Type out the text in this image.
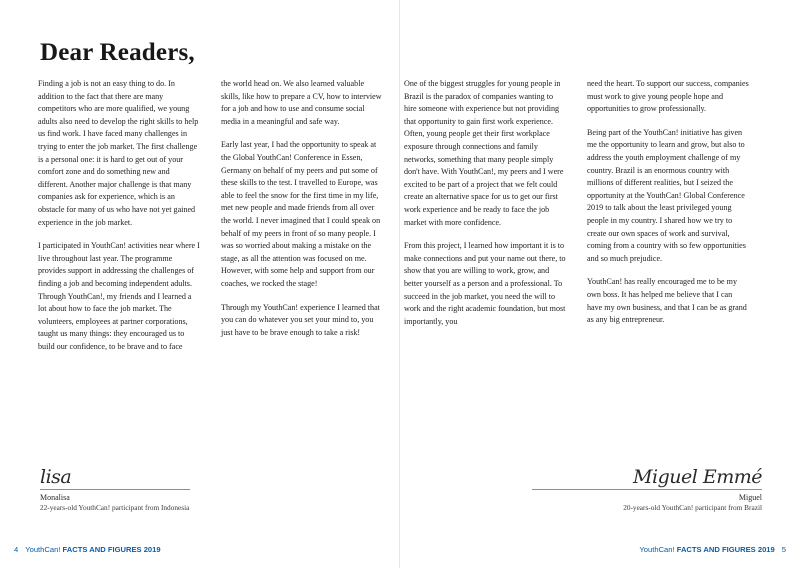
Dear Readers,

Finding a job is not an easy thing to do. In addition to the fact that there are many competitors who are more qualified, we young adults also need to develop the right skills to help us find work. I have faced many challenges in trying to enter the job market. The first challenge is a personal one: it is hard to get out of your comfort zone and do something new and different. Another major challenge is that many companies ask for experience, which is an obstacle for many of us who have not yet gained experience in the job market.

I participated in YouthCan! activities near where I live throughout last year. The programme provides support in addressing the challenges of finding a job and becoming independent adults. Through YouthCan!, my friends and I learned a lot about how to face the job market. The volunteers, employees at partner corporations, taught us many things: they encouraged us to build our confidence, to be brave and to face

the world head on. We also learned valuable skills, like how to prepare a CV, how to interview for a job and how to use and consume social media in a meaningful and safe way.

Early last year, I had the opportunity to speak at the Global YouthCan! Conference in Essen, Germany on behalf of my peers and put some of these skills to the test. I travelled to Europe, was able to feel the snow for the first time in my life, met new people and made friends from all over the world. I never imagined that I could speak on behalf of my peers in front of so many people. I was so worried about making a mistake on the stage, as all the attention was focused on me. However, with some help and support from our coaches, we rocked the stage!

Through my YouthCan! experience I learned that you can do whatever you set your mind to, you just have to be brave enough to take a risk!

One of the biggest struggles for young people in Brazil is the paradox of companies wanting to hire someone with experience but not providing that opportunity to gain first work experience. Often, young people get their first workplace exposure through connections and family networks, something that many people simply don't have. With YouthCan!, my peers and I were excited to be part of a project that we felt could create an alternative space for us to get our first work experience and be ready to face the job market with more confidence.

From this project, I learned how important it is to make connections and put your name out there, to show that you are willing to work, grow, and better yourself as a person and a professional. To succeed in the job market, you need the will to work and the right academic foundation, but most importantly, you

need the heart. To support our success, companies must work to give young people hope and opportunities to grow professionally.

Being part of the YouthCan! initiative has given me the opportunity to learn and grow, but also to address the youth employment challenge of my country. Brazil is an enormous country with millions of different realities, but I seized the opportunity at the YouthCan! Global Conference 2019 to talk about the least privileged young people in my country. I shared how we try to create our own spaces of work and survival, coming from a country with so few opportunities and so much prejudice.

YouthCan! has really encouraged me to be my own boss. It has helped me believe that I can have my own business, and that I can be as grand as any big entrepreneur.

lisa
Monalisa
22-years-old YouthCan! participant from Indonesia
Miguel Emmé
Miguel
20-years-old YouthCan! participant from Brazil
4 YouthCan! FACTS AND FIGURES 2019	YouthCan! FACTS AND FIGURES 2019 5
